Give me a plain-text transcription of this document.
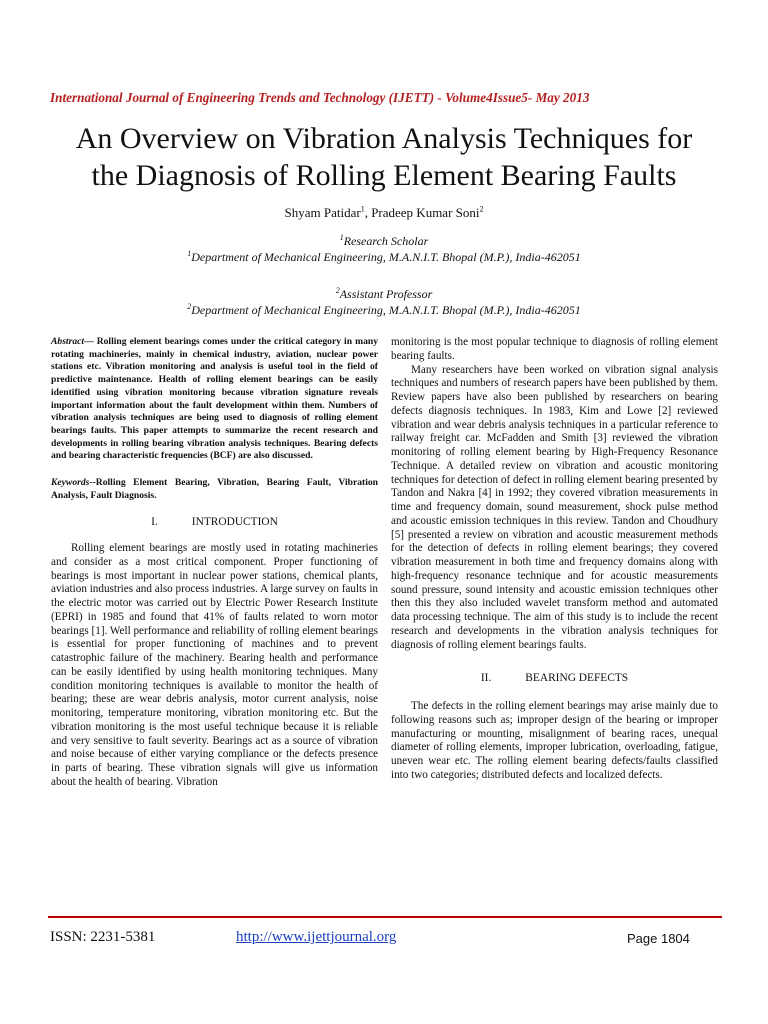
International Journal of Engineering Trends and Technology (IJETT) - Volume4Issue5- May 2013
An Overview on Vibration Analysis Techniques for
the Diagnosis of Rolling Element Bearing Faults
Shyam Patidar$^1$, Pradeep Kumar Soni$^2$
$^1$Research Scholar
$^1$Department of Mechanical Engineering, M.A.N.I.T. Bhopal (M.P.), India-462051
$^2$Assistant Professor
$^2$Department of Mechanical Engineering, M.A.N.I.T. Bhopal (M.P.), India-462051
Abstract— Rolling element bearings comes under the critical category in many rotating machineries, mainly in chemical industry, aviation, nuclear power stations etc. Vibration monitoring and analysis is useful tool in the field of predictive maintenance. Health of rolling element bearings can be easily identified using vibration monitoring because vibration signature reveals important information about the fault development within them. Numbers of vibration analysis techniques are being used to diagnosis of rolling element bearings faults. This paper attempts to summarize the recent research and developments in rolling bearing vibration analysis techniques. Bearing defects and bearing characteristic frequencies (BCF) are also discussed.
Keywords--Rolling Element Bearing, Vibration, Bearing Fault, Vibration Analysis, Fault Diagnosis.
I.	INTRODUCTION

Rolling element bearings are mostly used in rotating machineries and consider as a most critical component. Proper functioning of bearings is most important in nuclear power stations, chemical plants, aviation industries and also process industries. A large survey on faults in the electric motor was carried out by Electric Power Research Institute (EPRI) in 1985 and found that 41% of faults related to worn motor bearings [1]. Well performance and reliability of rolling element bearings is essential for proper functioning of machines and to prevent catastrophic failure of the machinery. Bearing health and performance can be easily identified by using health monitoring techniques. Many condition monitoring techniques is available to monitor the health of bearing; these are wear debris analysis, motor current analysis, noise monitoring, temperature monitoring, vibration monitoring etc. But the vibration monitoring is the most useful technique because it is reliable and very sensitive to fault severity. Bearings act as a source of vibration and noise because of either varying compliance or the defects presence in parts of bearing. These vibration signals will give us information about the health of bearing. Vibration

monitoring is the most popular technique to diagnosis of rolling element bearing faults.

Many researchers have been worked on vibration signal analysis techniques and numbers of research papers have been published by them. Review papers have also been published by researchers on bearing defects diagnosis techniques. In 1983, Kim and Lowe [2] reviewed vibration and wear debris analysis techniques in a particular reference to railway freight car. McFadden and Smith [3] reviewed the vibration monitoring of rolling element bearing by High-Frequency Resonance Technique. A detailed review on vibration and acoustic monitoring techniques for detection of defect in rolling element bearing presented by Tandon and Nakra [4] in 1992; they covered vibration measurements in time and frequency domain, sound measurement, shock pulse method and acoustic emission techniques in this review. Tandon and Choudhury [5] presented a review on vibration and acoustic measurement methods for the detection of defects in rolling element bearings; they covered vibration measurement in both time and frequency domains along with high-frequency resonance technique and for acoustic measurements sound pressure, sound intensity and acoustic emission techniques other then this they also included wavelet transform method and automated data processing technique. The aim of this study is to include the recent research and developments in the vibration analysis techniques for diagnosis of rolling element bearings faults.

II.	BEARING DEFECTS

The defects in the rolling element bearings may arise mainly due to following reasons such as; improper design of the bearing or improper manufacturing or mounting, misalignment of bearing races, unequal diameter of rolling elements, improper lubrication, overloading, fatigue, uneven wear etc. The rolling element bearing defects/faults classified into two categories; distributed defects and localized defects.

ISSN: 2231-5381	http://www.ijettjournal.org	Page 1804
